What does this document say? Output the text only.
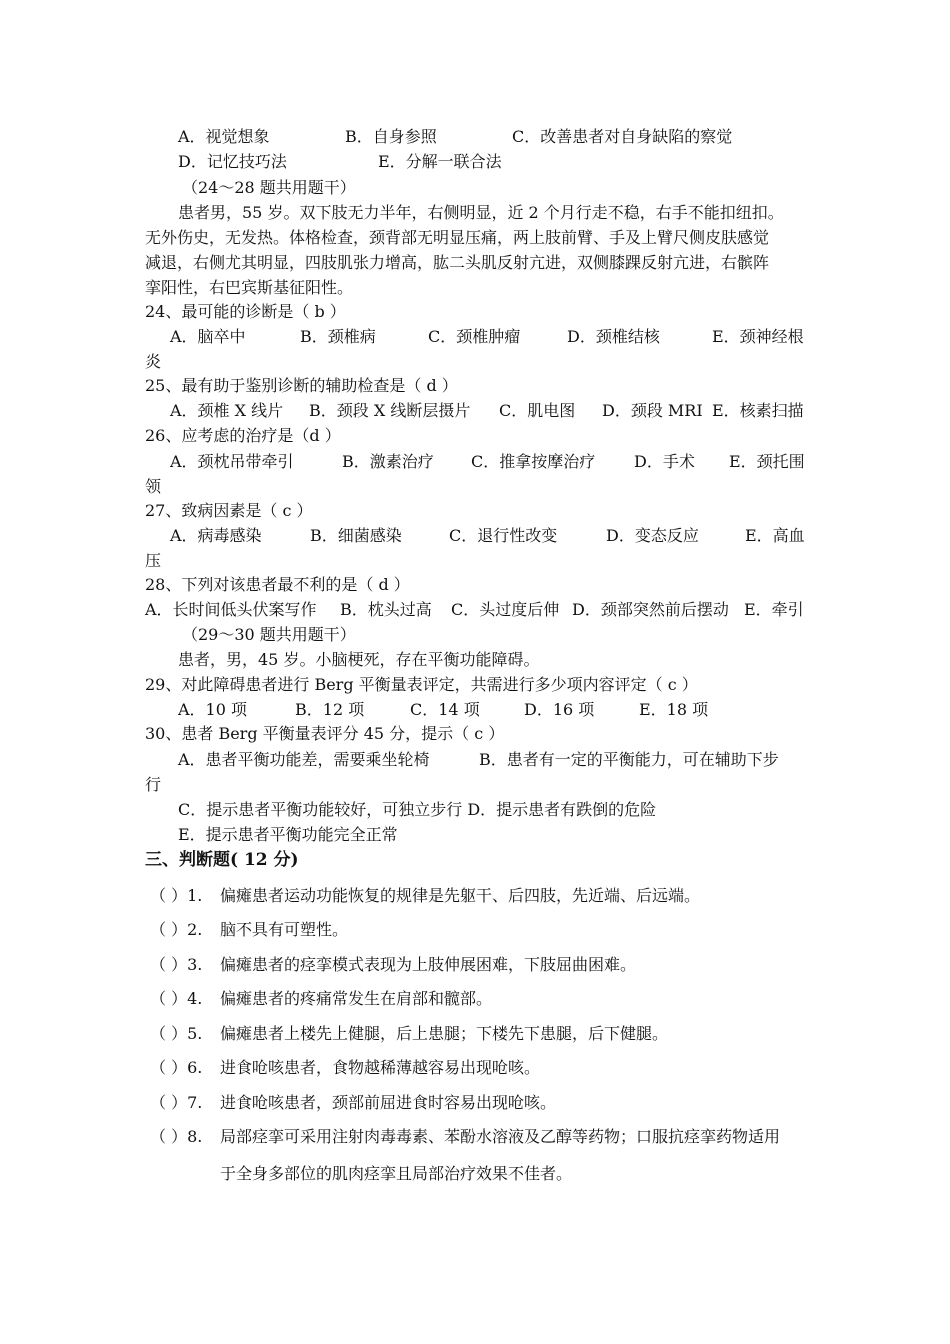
A．视觉想象	B．自身参照	C．改善患者对自身缺陷的察觉
D．记忆技巧法	E．分解一联合法
（24～28 题共用题干）
患者男，55 岁。双下肢无力半年，右侧明显，近 2 个月行走不稳，右手不能扣纽扣。
无外伤史，无发热。体格检查，颈背部无明显压痛，两上肢前臂、手及上臂尺侧皮肤感觉
减退，右侧尤其明显，四肢肌张力增高，肱二头肌反射亢进，双侧膝踝反射亢进，右髌阵
挛阳性，右巴宾斯基征阳性。
24、最可能的诊断是（ b ）
A．脑卒中	B．颈椎病	C．颈椎肿瘤	D．颈椎结核	E．颈神经根
炎
25、最有助于鉴别诊断的辅助检查是（ d ）
A．颈椎 X 线片 B．颈段 X 线断层摄片 C．肌电图 D．颈段 MRI E．核素扫描
26、应考虑的治疗是（d ）
A．颈枕吊带牵引	B．激素治疗 C．推拿按摩治疗 D．手术 E．颈托围
领
27、致病因素是（ c ）
A．病毒感染	B．细菌感染	C．退行性改变	D．变态反应	E．高血
压
28、下列对该患者最不利的是（ d ）
A．长时间低头伏案写作 B．枕头过高 C．头过度后伸 D．颈部突然前后摆动 E．牵引
（29～30 题共用题干）
患者，男，45 岁。小脑梗死，存在平衡功能障碍。
29、对此障碍患者进行 Berg 平衡量表评定，共需进行多少项内容评定（ c ）
A．10 项	B．12 项	C．14 项	D．16 项	E．18 项
30、患者 Berg 平衡量表评分 45 分，提示（ c ）
A．患者平衡功能差，需要乘坐轮椅	B．患者有一定的平衡能力，可在辅助下步
行
C．提示患者平衡功能较好，可独立步行 D．提示患者有跌倒的危险
E．提示患者平衡功能完全正常
三、判断题( 12 分)
（ ）1. 偏瘫患者运动功能恢复的规律是先躯干、后四肢，先近端、后远端。
（ ）2. 脑不具有可塑性。
（ ）3. 偏瘫患者的痉挛模式表现为上肢伸展困难，下肢屈曲困难。
（ ）4. 偏瘫患者的疼痛常发生在肩部和髋部。
（ ）5. 偏瘫患者上楼先上健腿，后上患腿；下楼先下患腿，后下健腿。
（ ）6. 进食呛咳患者，食物越稀薄越容易出现呛咳。
（ ）7. 进食呛咳患者，颈部前屈进食时容易出现呛咳。
（ ）8. 局部痉挛可采用注射肉毒毒素、苯酚水溶液及乙醇等药物；口服抗痉挛药物适用
于全身多部位的肌肉痉挛且局部治疗效果不佳者。
